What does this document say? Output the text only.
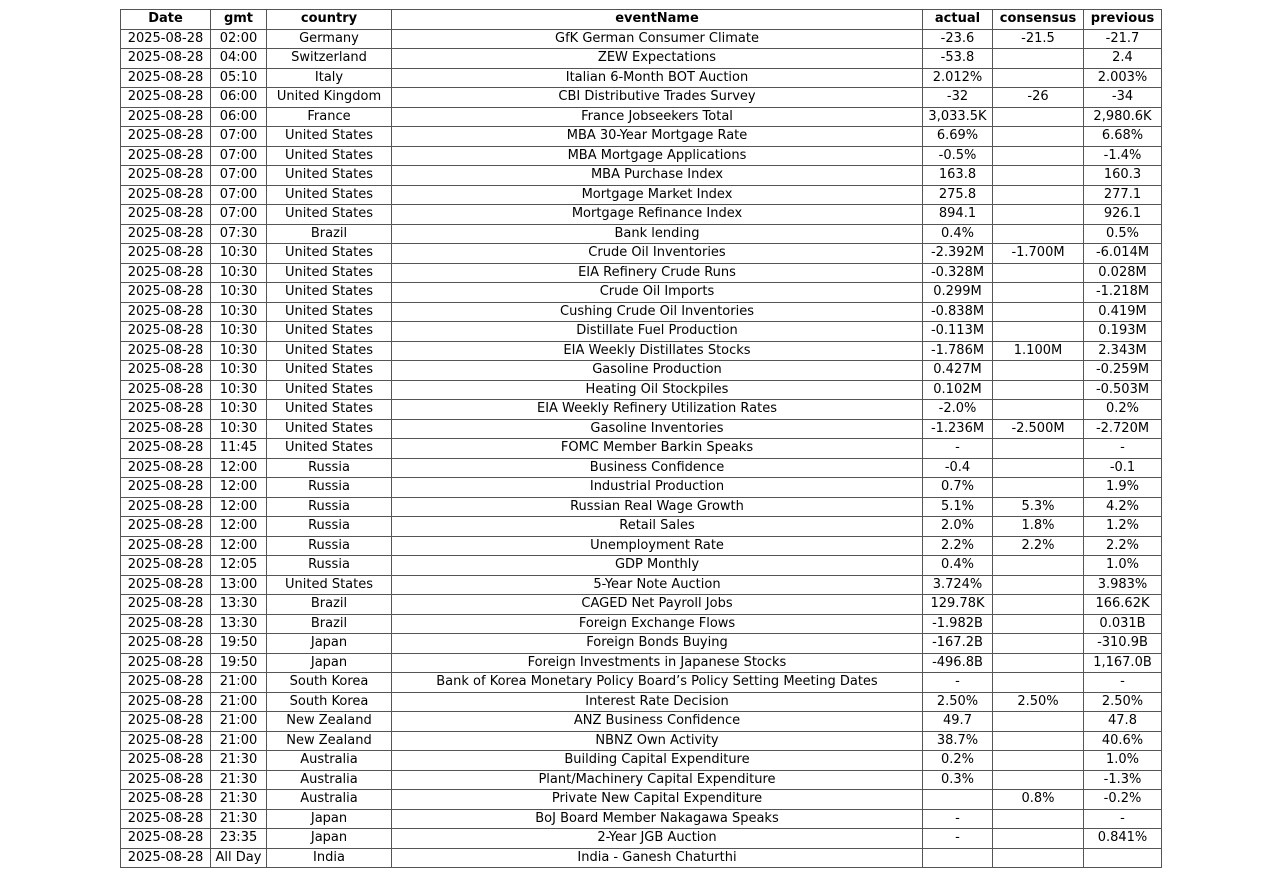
Date	gmt	country	eventName	actual	consensus	previous
2025-08-28	02:00	Germany	GfK German Consumer Climate	-23.6	-21.5	-21.7
2025-08-28	04:00	Switzerland	ZEW Expectations	-53.8		2.4
2025-08-28	05:10	Italy	Italian 6-Month BOT Auction	2.012%		2.003%
2025-08-28	06:00	United Kingdom	CBI Distributive Trades Survey	-32	-26	-34
2025-08-28	06:00	France	France Jobseekers Total	3,033.5K		2,980.6K
2025-08-28	07:00	United States	MBA 30-Year Mortgage Rate	6.69%		6.68%
2025-08-28	07:00	United States	MBA Mortgage Applications	-0.5%		-1.4%
2025-08-28	07:00	United States	MBA Purchase Index	163.8		160.3
2025-08-28	07:00	United States	Mortgage Market Index	275.8		277.1
2025-08-28	07:00	United States	Mortgage Refinance Index	894.1		926.1
2025-08-28	07:30	Brazil	Bank lending	0.4%		0.5%
2025-08-28	10:30	United States	Crude Oil Inventories	-2.392M	-1.700M	-6.014M
2025-08-28	10:30	United States	EIA Refinery Crude Runs	-0.328M		0.028M
2025-08-28	10:30	United States	Crude Oil Imports	0.299M		-1.218M
2025-08-28	10:30	United States	Cushing Crude Oil Inventories	-0.838M		0.419M
2025-08-28	10:30	United States	Distillate Fuel Production	-0.113M		0.193M
2025-08-28	10:30	United States	EIA Weekly Distillates Stocks	-1.786M	1.100M	2.343M
2025-08-28	10:30	United States	Gasoline Production	0.427M		-0.259M
2025-08-28	10:30	United States	Heating Oil Stockpiles	0.102M		-0.503M
2025-08-28	10:30	United States	EIA Weekly Refinery Utilization Rates	-2.0%		0.2%
2025-08-28	10:30	United States	Gasoline Inventories	-1.236M	-2.500M	-2.720M
2025-08-28	11:45	United States	FOMC Member Barkin Speaks	-		-
2025-08-28	12:00	Russia	Business Confidence	-0.4		-0.1
2025-08-28	12:00	Russia	Industrial Production	0.7%		1.9%
2025-08-28	12:00	Russia	Russian Real Wage Growth	5.1%	5.3%	4.2%
2025-08-28	12:00	Russia	Retail Sales	2.0%	1.8%	1.2%
2025-08-28	12:00	Russia	Unemployment Rate	2.2%	2.2%	2.2%
2025-08-28	12:05	Russia	GDP Monthly	0.4%		1.0%
2025-08-28	13:00	United States	5-Year Note Auction	3.724%		3.983%
2025-08-28	13:30	Brazil	CAGED Net Payroll Jobs	129.78K		166.62K
2025-08-28	13:30	Brazil	Foreign Exchange Flows	-1.982B		0.031B
2025-08-28	19:50	Japan	Foreign Bonds Buying	-167.2B		-310.9B
2025-08-28	19:50	Japan	Foreign Investments in Japanese Stocks	-496.8B		1,167.0B
2025-08-28	21:00	South Korea	Bank of Korea Monetary Policy Board’s Policy Setting Meeting Dates	-		-
2025-08-28	21:00	South Korea	Interest Rate Decision	2.50%	2.50%	2.50%
2025-08-28	21:00	New Zealand	ANZ Business Confidence	49.7		47.8
2025-08-28	21:00	New Zealand	NBNZ Own Activity	38.7%		40.6%
2025-08-28	21:30	Australia	Building Capital Expenditure	0.2%		1.0%
2025-08-28	21:30	Australia	Plant/Machinery Capital Expenditure	0.3%		-1.3%
2025-08-28	21:30	Australia	Private New Capital Expenditure		0.8%	-0.2%
2025-08-28	21:30	Japan	BoJ Board Member Nakagawa Speaks	-		-
2025-08-28	23:35	Japan	2-Year JGB Auction	-		0.841%
2025-08-28	All Day	India	India - Ganesh Chaturthi			
